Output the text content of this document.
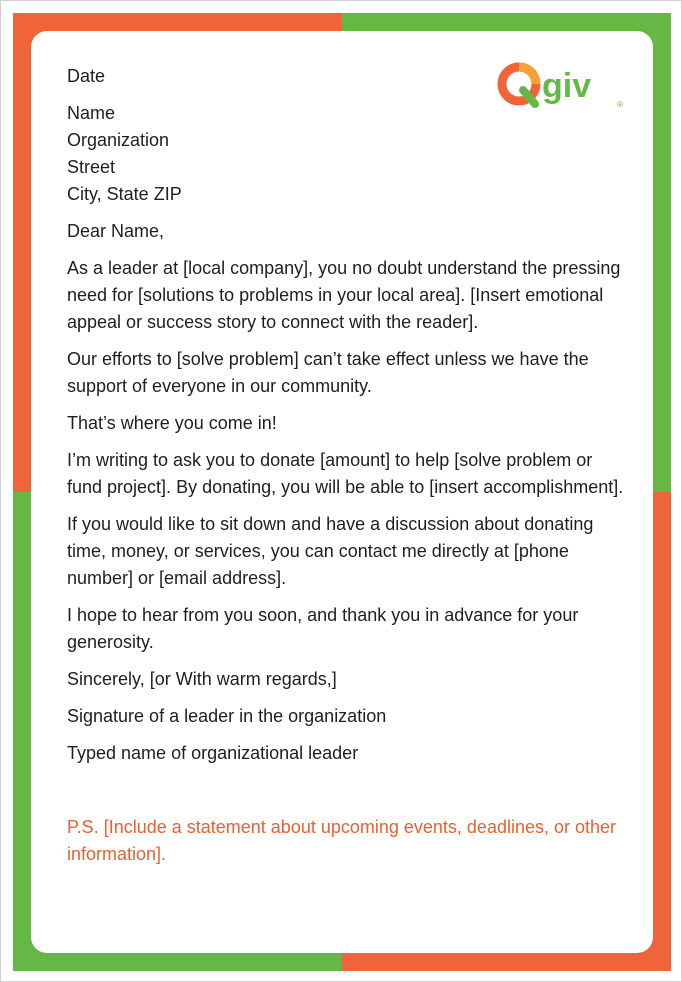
giv	®

Date

Name
Organization
Street
City, State ZIP

Dear Name,

As a leader at [local company], you no doubt understand the pressing need for [solutions to problems in your local area]. [Insert emotional appeal or success story to connect with the reader].

Our efforts to [solve problem] can’t take effect unless we have the support of everyone in our community.

That’s where you come in!

I’m writing to ask you to donate [amount] to help [solve problem or fund project]. By donating, you will be able to [insert accomplishment].

If you would like to sit down and have a discussion about donating time, money, or services, you can contact me directly at [phone number] or [email address].

I hope to hear from you soon, and thank you in advance for your generosity.

Sincerely, [or With warm regards,]

Signature of a leader in the organization

Typed name of organizational leader

P.S. [Include a statement about upcoming events, deadlines, or other information].
